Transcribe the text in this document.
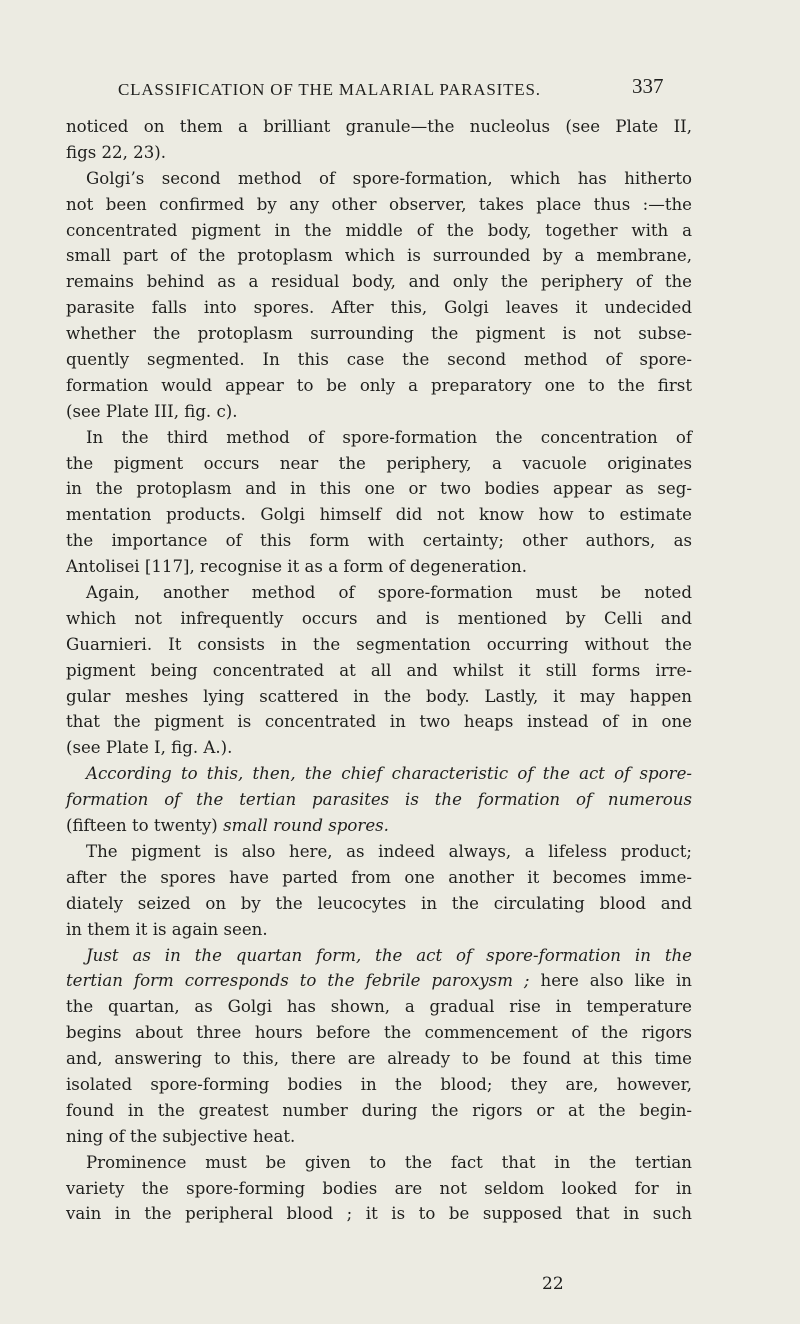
CLASSIFICATION OF THE MALARIAL PARASITES.	337
noticed on them a brilliant granule—the nucleolus (see Plate II,
figs 22, 23).
Golgi’s second method of spore-formation, which has hitherto
not been confirmed by any other observer, takes place thus :—the
concentrated pigment in the middle of the body, together with a
small part of the protoplasm which is surrounded by a membrane,
remains behind as a residual body, and only the periphery of the
parasite falls into spores. After this, Golgi leaves it undecided
whether the protoplasm surrounding the pigment is not subse-
quently segmented. In this case the second method of spore-
formation would appear to be only a preparatory one to the first
(see Plate III, fig. c).
In the third method of spore-formation the concentration of
the pigment occurs near the periphery, a vacuole originates
in the protoplasm and in this one or two bodies appear as seg-
mentation products. Golgi himself did not know how to estimate
the importance of this form with certainty; other authors, as
Antolisei [117], recognise it as a form of degeneration.
Again, another method of spore-formation must be noted
which not infrequently occurs and is mentioned by Celli and
Guarnieri. It consists in the segmentation occurring without the
pigment being concentrated at all and whilst it still forms irre-
gular meshes lying scattered in the body. Lastly, it may happen
that the pigment is concentrated in two heaps instead of in one
(see Plate I, fig. A.).
According to this, then, the chief characteristic of the act of spore-
formation of the tertian parasites is the formation of numerous
(fifteen to twenty) small round spores.
The pigment is also here, as indeed always, a lifeless product;
after the spores have parted from one another it becomes imme-
diately seized on by the leucocytes in the circulating blood and
in them it is again seen.
Just as in the quartan form, the act of spore-formation in the
tertian form corresponds to the febrile paroxysm ; here also like in
the quartan, as Golgi has shown, a gradual rise in temperature
begins about three hours before the commencement of the rigors
and, answering to this, there are already to be found at this time
isolated spore-forming bodies in the blood; they are, however,
found in the greatest number during the rigors or at the begin-
ning of the subjective heat.
Prominence must be given to the fact that in the tertian
variety the spore-forming bodies are not seldom looked for in
vain in the peripheral blood ; it is to be supposed that in such
22
